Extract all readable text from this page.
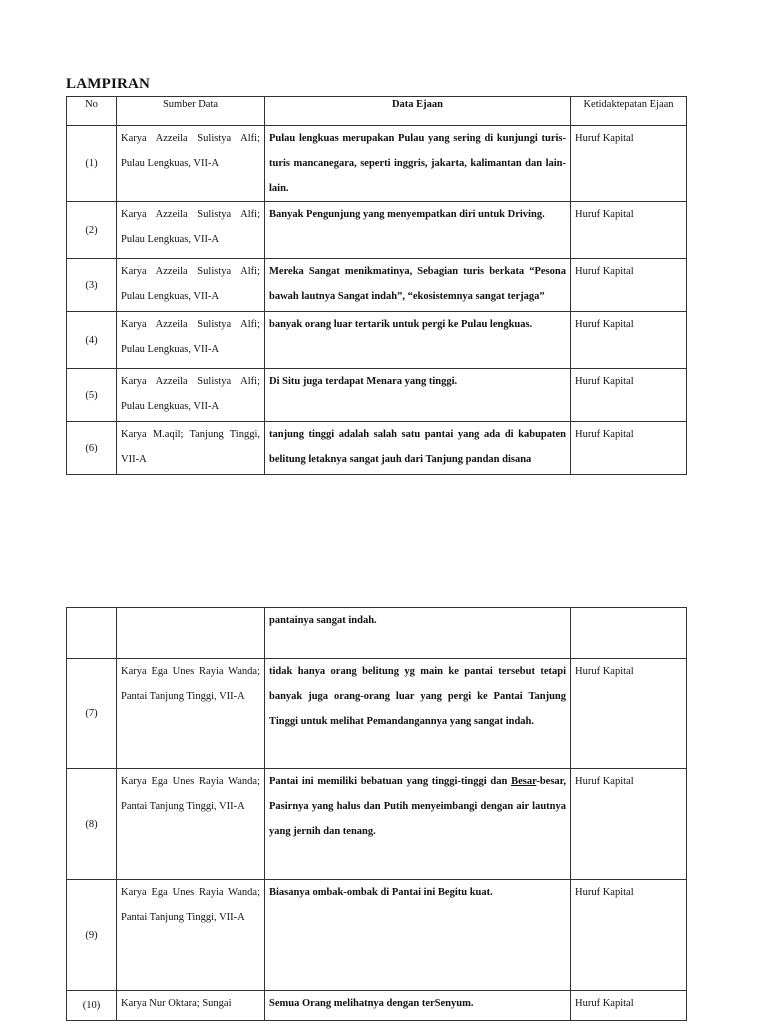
LAMPIRAN
No	Sumber Data	Data Ejaan	Ketidaktepatan Ejaan
(1)	Karya Azzeila Sulistya Alfi; Pulau Lengkuas, VII-A	Pulau lengkuas merupakan Pulau yang sering di kunjungi turis-turis mancanegara, seperti inggris, jakarta, kalimantan dan lain-lain.	Huruf Kapital
(2)	Karya Azzeila Sulistya Alfi; Pulau Lengkuas, VII-A	Banyak Pengunjung yang menyempatkan diri untuk Driving.	Huruf Kapital
(3)	Karya Azzeila Sulistya Alfi; Pulau Lengkuas, VII-A	Mereka Sangat menikmatinya, Sebagian turis berkata “Pesona bawah lautnya Sangat indah”, “ekosistemnya sangat terjaga”	Huruf Kapital
(4)	Karya Azzeila Sulistya Alfi; Pulau Lengkuas, VII-A	banyak orang luar tertarik untuk pergi ke Pulau lengkuas.	Huruf Kapital
(5)	Karya Azzeila Sulistya Alfi; Pulau Lengkuas, VII-A	Di Situ juga terdapat Menara yang tinggi.	Huruf Kapital
(6)	Karya M.aqil; Tanjung Tinggi, VII-A	tanjung tinggi adalah salah satu pantai yang ada di kabupaten belitung letaknya sangat jauh dari Tanjung pandan disana	Huruf Kapital
		pantainya sangat indah.	
(7)	Karya Ega Unes Rayia Wanda; Pantai Tanjung Tinggi, VII-A	tidak hanya orang belitung yg main ke pantai tersebut tetapi banyak juga orang-orang luar yang pergi ke Pantai Tanjung Tinggi untuk melihat Pemandangannya yang sangat indah.	Huruf Kapital
(8)	Karya Ega Unes Rayia Wanda; Pantai Tanjung Tinggi, VII-A	Pantai ini memiliki bebatuan yang tinggi-tinggi dan Besar-besar, Pasirnya yang halus dan Putih menyeimbangi dengan air lautnya yang jernih dan tenang.	Huruf Kapital
(9)	Karya Ega Unes Rayia Wanda; Pantai Tanjung Tinggi, VII-A	Biasanya ombak-ombak di Pantai ini Begitu kuat.	Huruf Kapital
(10)	Karya Nur Oktara; Sungai	Semua Orang melihatnya dengan terSenyum.	Huruf Kapital
